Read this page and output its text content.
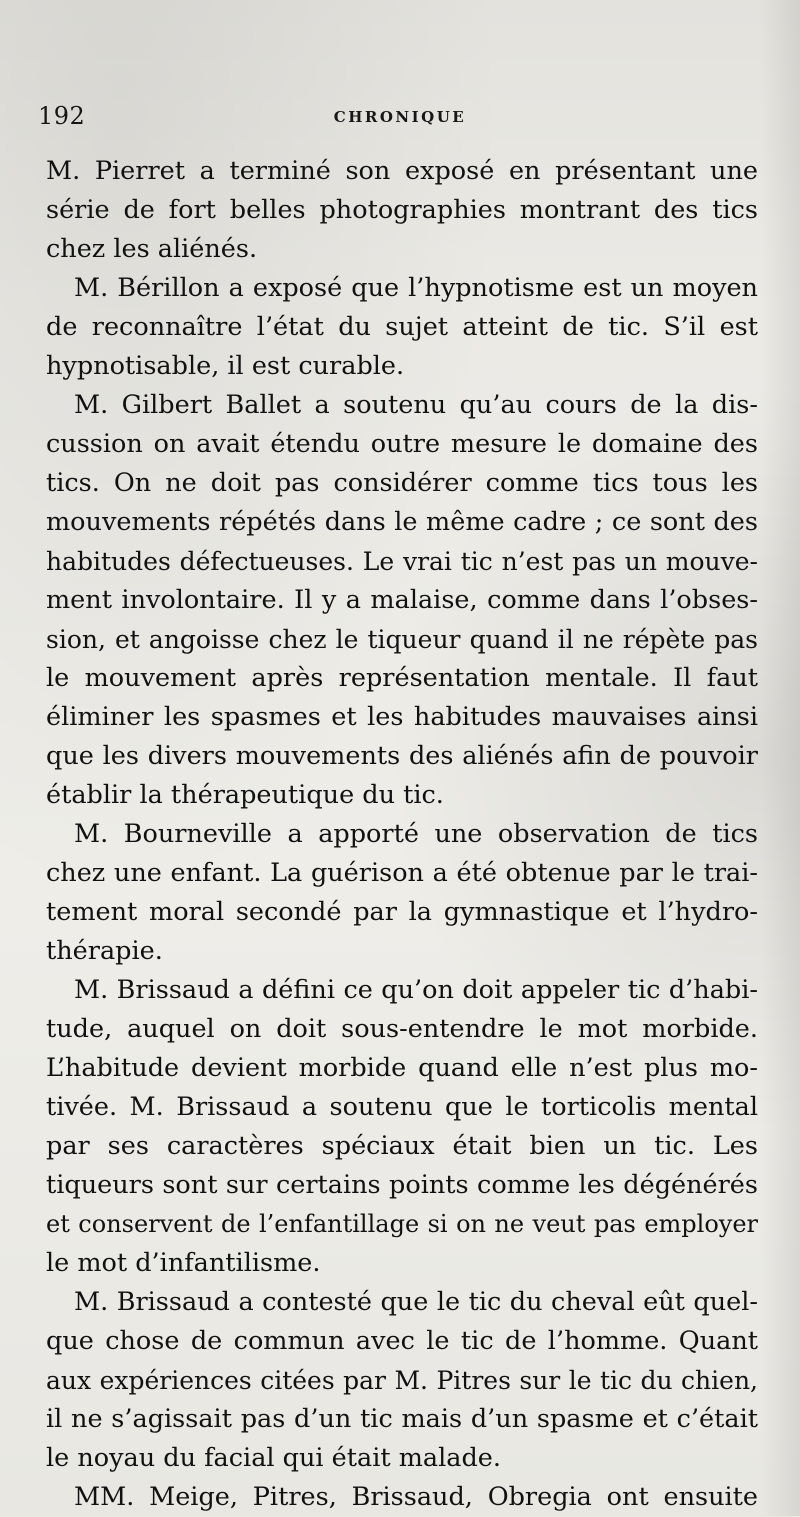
192	CHRONIQUE
M. Pierret a terminé son exposé en présentant une
série de fort belles photographies montrant des tics
chez les aliénés.
M. Bérillon a exposé que l’hypnotisme est un moyen
de reconnaître l’état du sujet atteint de tic. S’il est
hypnotisable, il est curable.
M. Gilbert Ballet a soutenu qu’au cours de la dis-
cussion on avait étendu outre mesure le domaine des
tics. On ne doit pas considérer comme tics tous les
mouvements répétés dans le même cadre ; ce sont des
habitudes défectueuses. Le vrai tic n’est pas un mouve-
ment involontaire. Il y a malaise, comme dans l’obses-
sion, et angoisse chez le tiqueur quand il ne répète pas
le mouvement après représentation mentale. Il faut
éliminer les spasmes et les habitudes mauvaises ainsi
que les divers mouvements des aliénés afin de pouvoir
établir la thérapeutique du tic.
M. Bourneville a apporté une observation de tics
chez une enfant. La guérison a été obtenue par le trai-
tement moral secondé par la gymnastique et l’hydro-
thérapie.
M. Brissaud a défini ce qu’on doit appeler tic d’habi-
tude, auquel on doit sous-entendre le mot morbide.
L’habitude devient morbide quand elle n’est plus mo-
tivée. M. Brissaud a soutenu que le torticolis mental
par ses caractères spéciaux était bien un tic. Les
tiqueurs sont sur certains points comme les dégénérés
et conservent de l’enfantillage si on ne veut pas employer
le mot d’infantilisme.
M. Brissaud a contesté que le tic du cheval eût quel-
que chose de commun avec le tic de l’homme. Quant
aux expériences citées par M. Pitres sur le tic du chien,
il ne s’agissait pas d’un tic mais d’un spasme et c’était
le noyau du facial qui était malade.
MM. Meige, Pitres, Brissaud, Obregia ont ensuite
